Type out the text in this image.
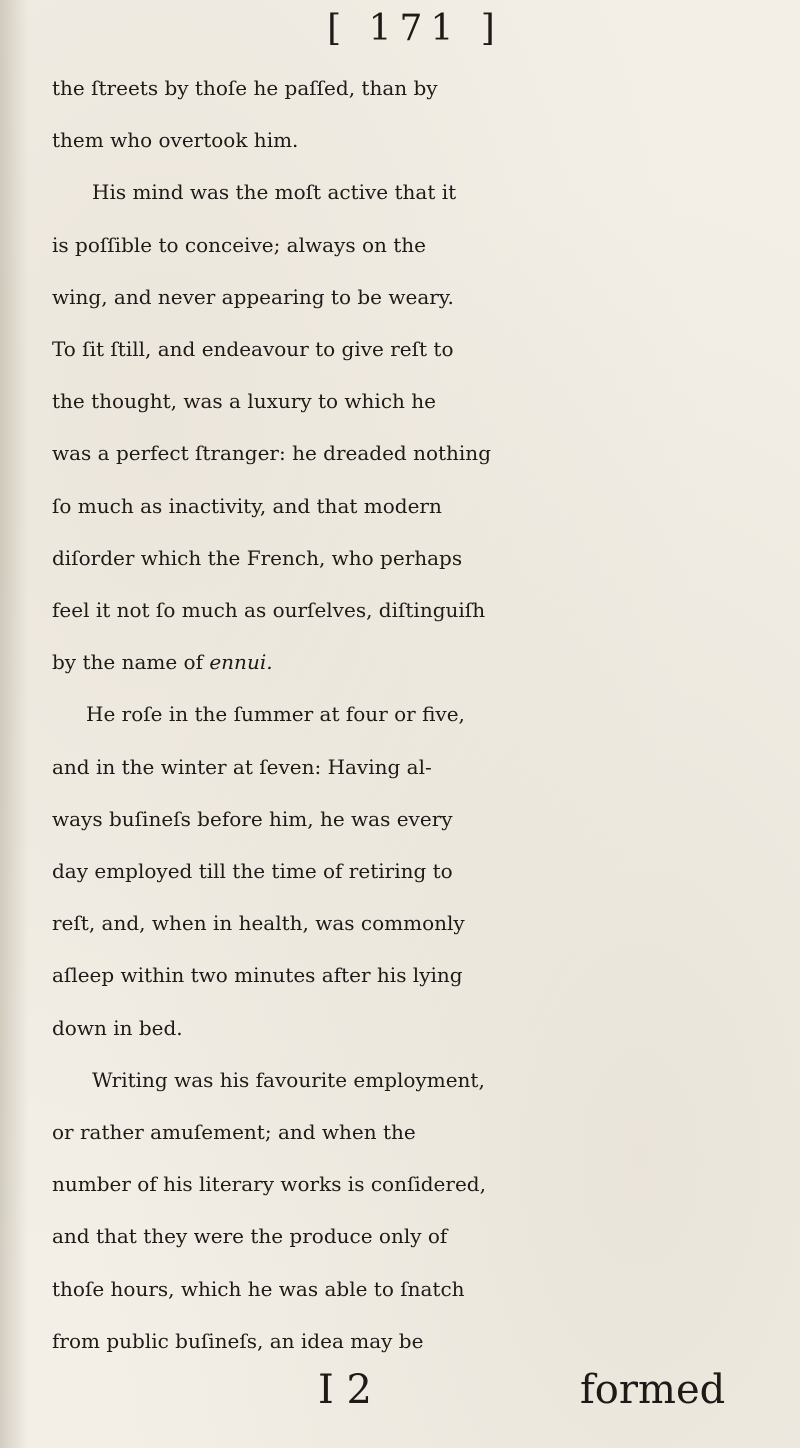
[ 171 ]
the ſtreets by thoſe he paſſed, than by
them who overtook him.
His mind was the moſt active that it
is poſſible to conceive; always on the
wing, and never appearing to be weary.
To ſit ſtill, and endeavour to give reſt to
the thought, was a luxury to which he
was a perfect ſtranger: he dreaded nothing
ſo much as inactivity, and that modern
diſorder which the French, who perhaps
feel it not ſo much as ourſelves, diſtinguiſh
by the name of ennui.
He roſe in the ſummer at four or five,
and in the winter at ſeven: Having al-
ways buſineſs before him, he was every
day employed till the time of retiring to
reſt, and, when in health, was commonly
aſleep within two minutes after his lying
down in bed.
Writing was his favourite employment,
or rather amuſement; and when the
number of his literary works is conſidered,
and that they were the produce only of
thoſe hours, which he was able to ſnatch
from public buſineſs, an idea may be
I 2	formed
